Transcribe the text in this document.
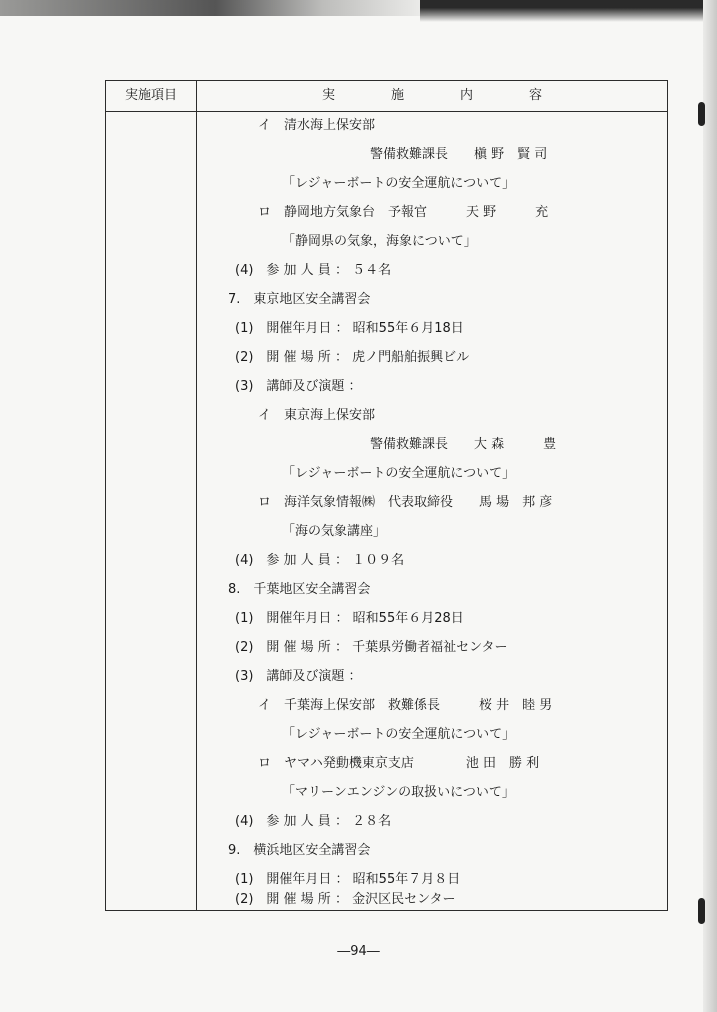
実施項目	実施内容
イ　清水海上保安部
警備救難課長　　槇 野　賢 司
「レジャーボートの安全運航について」
ロ　静岡地方気象台　予報官　　　天 野　　　充
「静岡県の気象，海象について」
(4)　参 加 人 員 ： ５４名
7.　東京地区安全講習会
(1)　開催年月日 ： 昭和55年６月18日
(2)　開 催 場 所 ： 虎ノ門船舶振興ビル
(3)　講師及び演題 ：
イ　東京海上保安部
警備救難課長　　大 森　　　豊
「レジャーボートの安全運航について」
ロ　海洋気象情報㈱　代表取締役　　馬 場　邦 彦
「海の気象講座」
(4)　参 加 人 員 ： １０９名
8.　千葉地区安全講習会
(1)　開催年月日 ： 昭和55年６月28日
(2)　開 催 場 所 ： 千葉県労働者福祉センター
(3)　講師及び演題 ：
イ　千葉海上保安部　救難係長　　　桜 井　睦 男
「レジャーボートの安全運航について」
ロ　ヤマハ発動機東京支店　　　　池 田　勝 利
「マリーンエンジンの取扱いについて」
(4)　参 加 人 員 ： ２８名
9.　横浜地区安全講習会
(1)　開催年月日 ： 昭和55年７月８日
(2)　開 催 場 所 ： 金沢区民センター
―94―
